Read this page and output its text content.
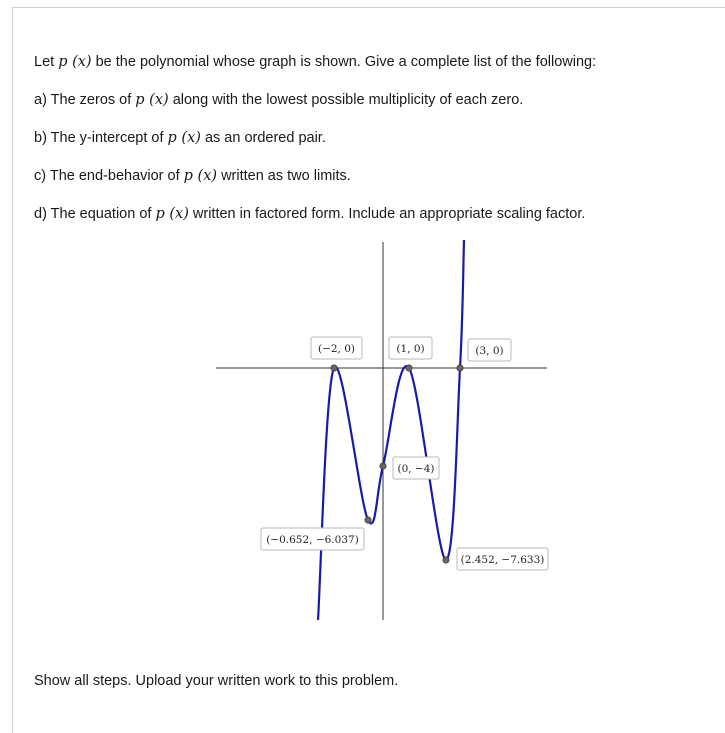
Let p (x) be the polynomial whose graph is shown. Give a complete list of the following:
a) The zeros of p (x) along with the lowest possible multiplicity of each zero.
b) The y-intercept of p (x) as an ordered pair.
c) The end-behavior of p (x) written as two limits.
d) The equation of p (x) written in factored form. Include an appropriate scaling factor.
(−2, 0)	(1, 0)	(3, 0)
(0, −4)
(−0.652, −6.037)
(2.452, −7.633)
Show all steps. Upload your written work to this problem.
